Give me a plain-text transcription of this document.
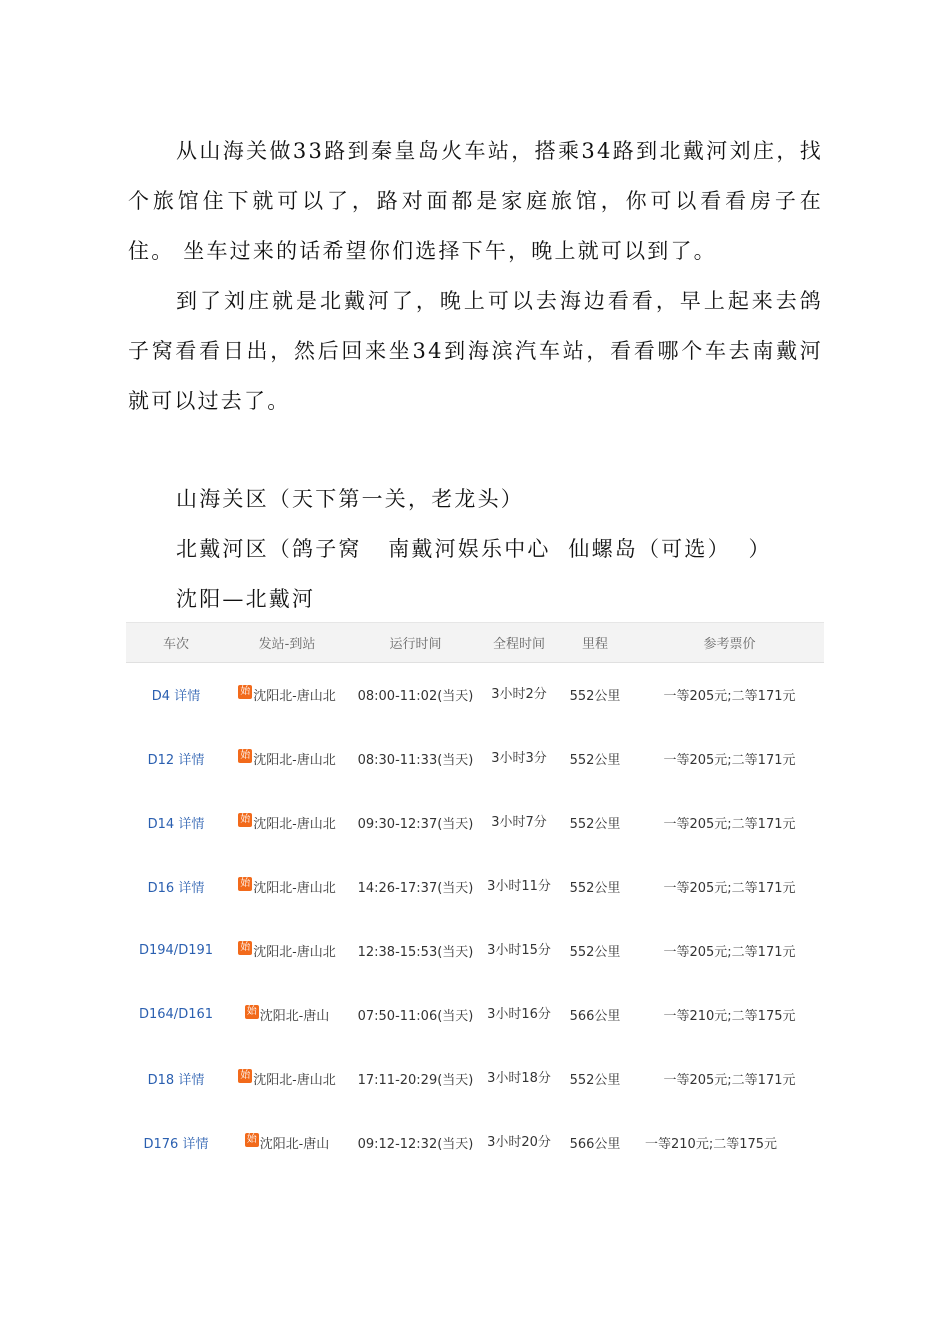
从山海关做33路到秦皇岛火车站，搭乘34路到北戴河刘庄，找个旅馆住下就可以了，路对面都是家庭旅馆，你可以看看房子在住。 坐车过来的话希望你们选择下午，晚上就可以到了。

到了刘庄就是北戴河了，晚上可以去海边看看，早上起来去鸽子窝看看日出，然后回来坐34到海滨汽车站，看看哪个车去南戴河就可以过去了。

山海关区（天下第一关，老龙头）

北戴河区（鸽子窝   南戴河娱乐中心  仙螺岛（可选）  ）

沈阳—北戴河

车次	发站-到站	运行时间	全程时间	里程	参考票价
D4 详情	始 沈阳北-唐山北	08:00-11:02(当天)	3小时2分	552公里	一等205元;二等171元
D12 详情	始 沈阳北-唐山北	08:30-11:33(当天)	3小时3分	552公里	一等205元;二等171元
D14 详情	始 沈阳北-唐山北	09:30-12:37(当天)	3小时7分	552公里	一等205元;二等171元
D16 详情	始 沈阳北-唐山北	14:26-17:37(当天)	3小时11分	552公里	一等205元;二等171元
D194/D191	始 沈阳北-唐山北	12:38-15:53(当天)	3小时15分	552公里	一等205元;二等171元
D164/D161	始 沈阳北-唐山	07:50-11:06(当天)	3小时16分	566公里	一等210元;二等175元
D18 详情	始 沈阳北-唐山北	17:11-20:29(当天)	3小时18分	552公里	一等205元;二等171元
D176 详情	始 沈阳北-唐山	09:12-12:32(当天)	3小时20分	566公里	一等210元;二等175元
